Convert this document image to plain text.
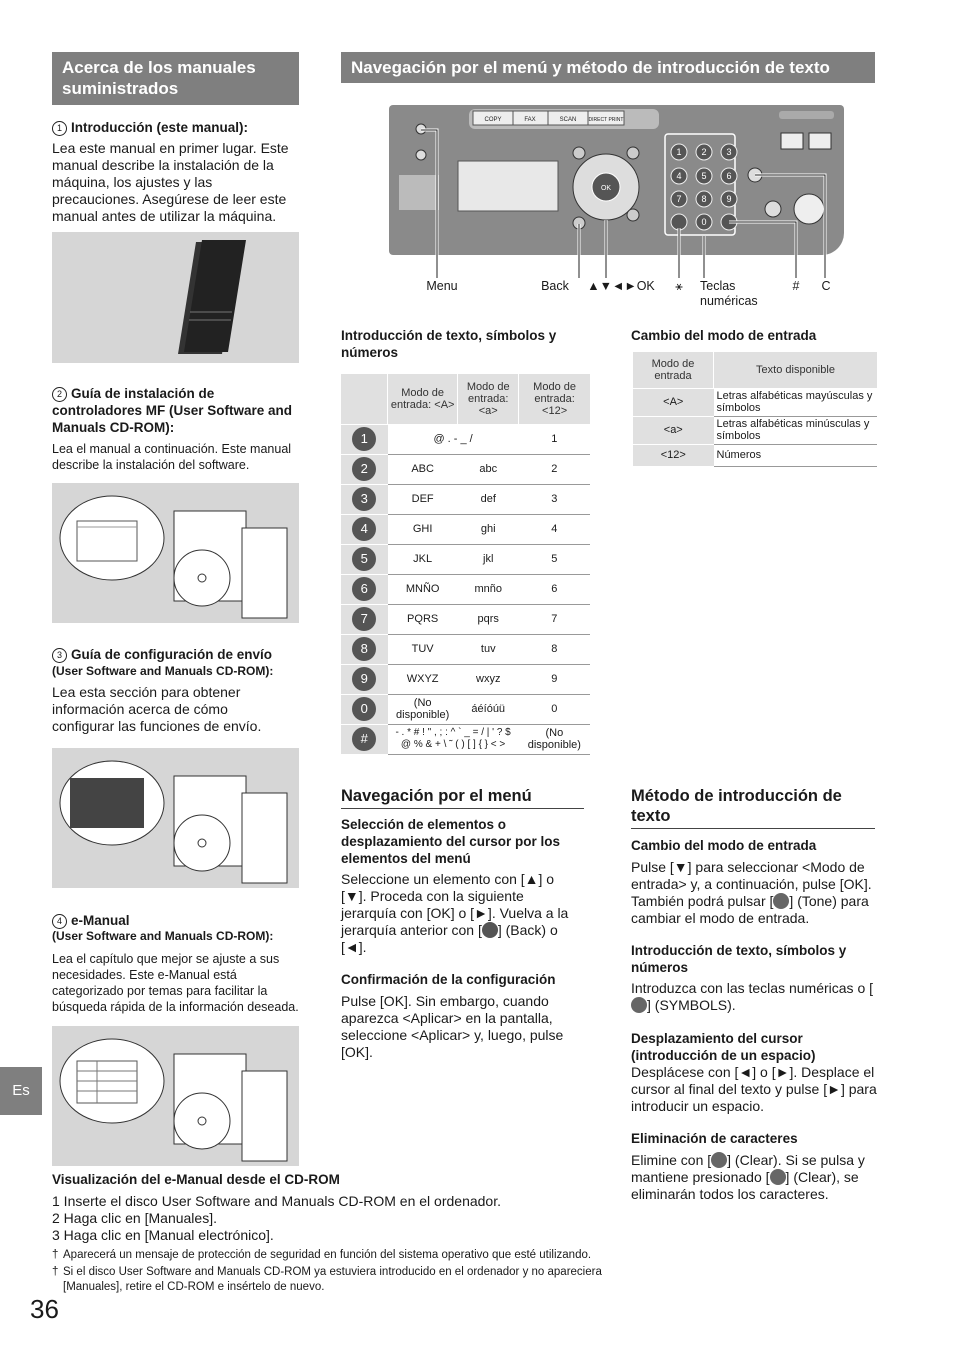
Acerca de los manuales suministrados
1 Introducción (este manual):
Lea este manual en primer lugar. Este manual describe la instalación de la máquina, los ajustes y las precauciones. Asegúrese de leer este manual antes de utilizar la máquina.
2 Guía de instalación de controladores MF (User Software and Manuals CD-ROM):
Lea el manual a continuación. Este manual describe la instalación del software.
3 Guía de configuración de envío
(User Software and Manuals CD-ROM):
Lea esta sección para obtener información acerca de cómo configurar las funciones de envío.
4 e-Manual
(User Software and Manuals CD-ROM):
Lea el capítulo que mejor se ajuste a sus necesidades. Este e-Manual está categorizado por temas para facilitar la búsqueda rápida de la información deseada.
Es
Navegación por el menú y método de introducción de texto
COPY	FAX	SCAN DIRECT PRINT
OK
1 2 3
4 5 6
7 8 9
0
Menu	Back	▲▼◄►OK	⚹	Teclas numéricas
#	C
Introducción de texto, símbolos y números
	Modo de entrada: <A>	Modo de entrada: <a>	Modo de entrada: <12>
1	@ . - _ /		1
2	ABC	abc	2
3	DEF	def	3
4	GHI	ghi	4
5	JKL	jkl	5
6	MNÑO	mnño	6
7	PQRS	pqrs	7
8	TUV	tuv	8
9	WXYZ	wxyz	9
0	(No disponible)	áéíóúü	0
#	- . * # ! " , ; : ^ ` _ = / | ' ? $ @ % & + \ ˜ ( ) [ ] { } < >		(No disponible)
Cambio del modo de entrada
Modo de entrada	Texto disponible
<A>	Letras alfabéticas mayúsculas y símbolos
<a>	Letras alfabéticas minúsculas y símbolos
<12>	Números
Navegación por el menú
Selección de elementos o desplazamiento del cursor por los elementos del menú
Seleccione un elemento con [▲] o [▼]. Proceda con la siguiente jerarquía con [OK] o [►]. Vuelva a la jerarquía anterior con [ ] (Back) o [◄].
Confirmación de la configuración
Pulse [OK]. Sin embargo, cuando aparezca <Aplicar> en la pantalla, seleccione <Aplicar> y, luego, pulse [OK].
Método de introducción de texto
Cambio del modo de entrada
Pulse [▼] para seleccionar <Modo de entrada> y, a continuación, pulse [OK]. También podrá pulsar [ ] (Tone) para cambiar el modo de entrada.
Introducción de texto, símbolos y números
Introduzca con las teclas numéricas o [] (SYMBOLS).
Desplazamiento del cursor (introducción de un espacio)
Desplácese con [◄] o [►]. Desplace el cursor al final del texto y pulse [►] para introducir un espacio.
Eliminación de caracteres
Elimine con [ ] (Clear). Si se pulsa y mantiene presionado [ ] (Clear), se eliminarán todos los caracteres.
Visualización del e-Manual desde el CD-ROM
1 Inserte el disco User Software and Manuals CD-ROM en el ordenador.
2 Haga clic en [Manuales].
3 Haga clic en [Manual electrónico].
† Aparecerá un mensaje de protección de seguridad en función del sistema operativo que esté utilizando.
† Si el disco User Software and Manuals CD-ROM ya estuviera introducido en el ordenador y no apareciera [Manuales], retire el CD-ROM e insértelo de nuevo.
36
